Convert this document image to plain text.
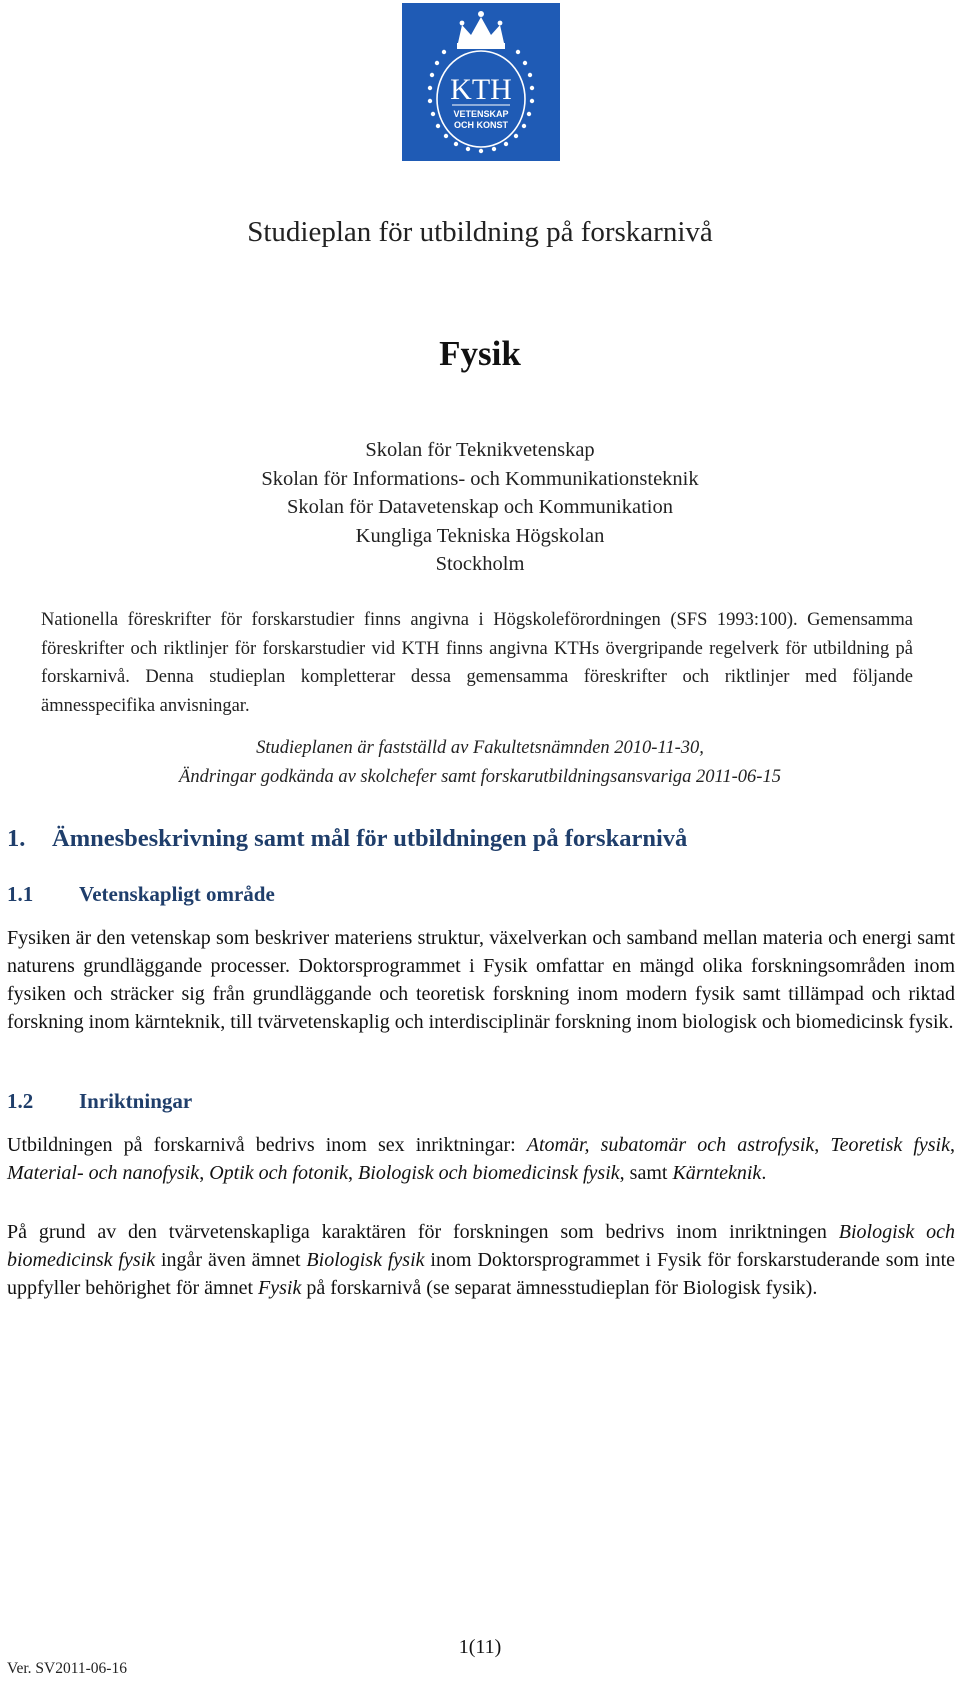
KTH
VETENSKAP
OCH KONST
Studieplan för utbildning på forskarnivå
Fysik
Skolan för Teknikvetenskap
Skolan för Informations- och Kommunikationsteknik
Skolan för Datavetenskap och Kommunikation
Kungliga Tekniska Högskolan
Stockholm

Nationella föreskrifter för forskarstudier finns angivna i Högskoleförordningen (SFS 1993:100). Gemensamma föreskrifter och riktlinjer för forskarstudier vid KTH finns angivna KTHs övergripande regelverk för utbildning på forskarnivå. Denna studieplan kompletterar dessa gemensamma föreskrifter och riktlinjer med följande ämnesspecifika anvisningar.

Studieplanen är fastställd av Fakultetsnämnden 2010-11-30,
Ändringar godkända av skolchefer samt forskarutbildningsansvariga 2011-06-15
1. Ämnesbeskrivning samt mål för utbildningen på forskarnivå
1.1 Vetenskapligt område

Fysiken är den vetenskap som beskriver materiens struktur, växelverkan och samband mellan materia och energi samt naturens grundläggande processer. Doktorsprogrammet i Fysik omfattar en mängd olika forskningsområden inom fysiken och sträcker sig från grundläggande och teoretisk forskning inom modern fysik samt tillämpad och riktad forskning inom kärnteknik, till tvärvetenskaplig och interdisciplinär forskning inom biologisk och biomedicinsk fysik.

1.2 Inriktningar

Utbildningen på forskarnivå bedrivs inom sex inriktningar: Atomär, subatomär och astrofysik, Teoretisk fysik, Material- och nanofysik, Optik och fotonik, Biologisk och biomedicinsk fysik, samt Kärnteknik.

På grund av den tvärvetenskapliga karaktären för forskningen som bedrivs inom inriktningen Biologisk och biomedicinsk fysik ingår även ämnet Biologisk fysik inom Doktorsprogrammet i Fysik för forskarstuderande som inte uppfyller behörighet för ämnet Fysik på forskarnivå (se separat ämnesstudieplan för Biologisk fysik).

1(11)
Ver. SV2011-06-16
